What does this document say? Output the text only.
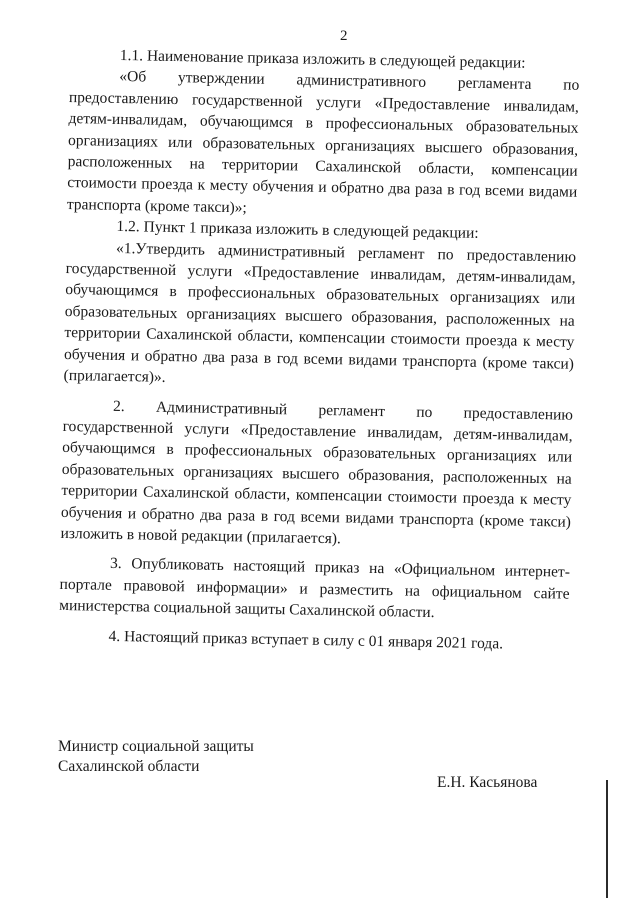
2

1.1. Наименование приказа изложить в следующей редакции:

«Об утверждении административного регламента по предоставлению государственной услуги «Предоставление инвалидам, детям-инвалидам, обучающимся в профессиональных образовательных организациях или образовательных организациях высшего образования, расположенных на территории Сахалинской области, компенсации стоимости проезда к месту обучения и обратно два раза в год всеми видами транспорта (кроме такси)»;

1.2. Пункт 1 приказа изложить в следующей редакции:

«1.Утвердить административный регламент по предоставлению государственной услуги «Предоставление инвалидам, детям-инвалидам, обучающимся в профессиональных образовательных организациях или образовательных организациях высшего образования, расположенных на территории Сахалинской области, компенсации стоимости проезда к месту обучения и обратно два раза в год всеми видами транспорта (кроме такси) (прилагается)».

2. Административный регламент по предоставлению государственной услуги «Предоставление инвалидам, детям-инвалидам, обучающимся в профессиональных образовательных организациях или образовательных организациях высшего образования, расположенных на территории Сахалинской области, компенсации стоимости проезда к месту обучения и обратно два раза в год всеми видами транспорта (кроме такси) изложить в новой редакции (прилагается).

3. Опубликовать настоящий приказ на «Официальном интернет-портале правовой информации» и разместить на официальном сайте министерства социальной защиты Сахалинской области.

4. Настоящий приказ вступает в силу с 01 января 2021 года.

Министр социальной защиты
Сахалинской области
Е.Н. Касьянова
